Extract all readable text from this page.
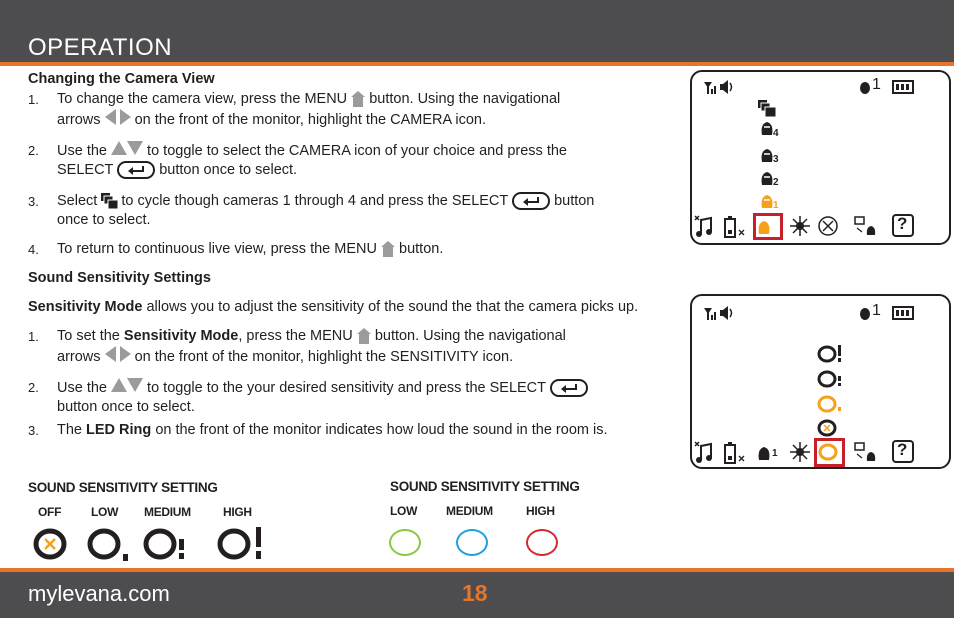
OPERATION

Changing the Camera View

1. To change the camera view, press the MENU button. Using the navigational
arrows on the front of the monitor, highlight the CAMERA icon.
2. Use the	to toggle to select the CAMERA icon of your choice and press the
SELECT	button once to select.
3. Select to cycle though cameras 1 through 4 and press the SELECT	button
once to select.
4. To return to continuous live view, press the MENU button.

Sound Sensitivity Settings

Sensitivity Mode allows you to adjust the sensitivity of the sound the that the camera picks up.

1. To set the Sensitivity Mode, press the MENU button. Using the navigational
arrows on the front of the monitor, highlight the SENSITIVITY icon.
2. Use the	to toggle to the your desired sensitivity and press the SELECT

button once to select.
3. The LED Ring on the front of the monitor indicates how loud the sound in the room is.
1
4
3
2
1
?
1
1	?
SOUND SENSITIVITY SETTING
OFF LOW MEDIUM	HIGH
SOUND SENSITIVITY SETTING
LOW MEDIUM	HIGH
mylevana.com	18
